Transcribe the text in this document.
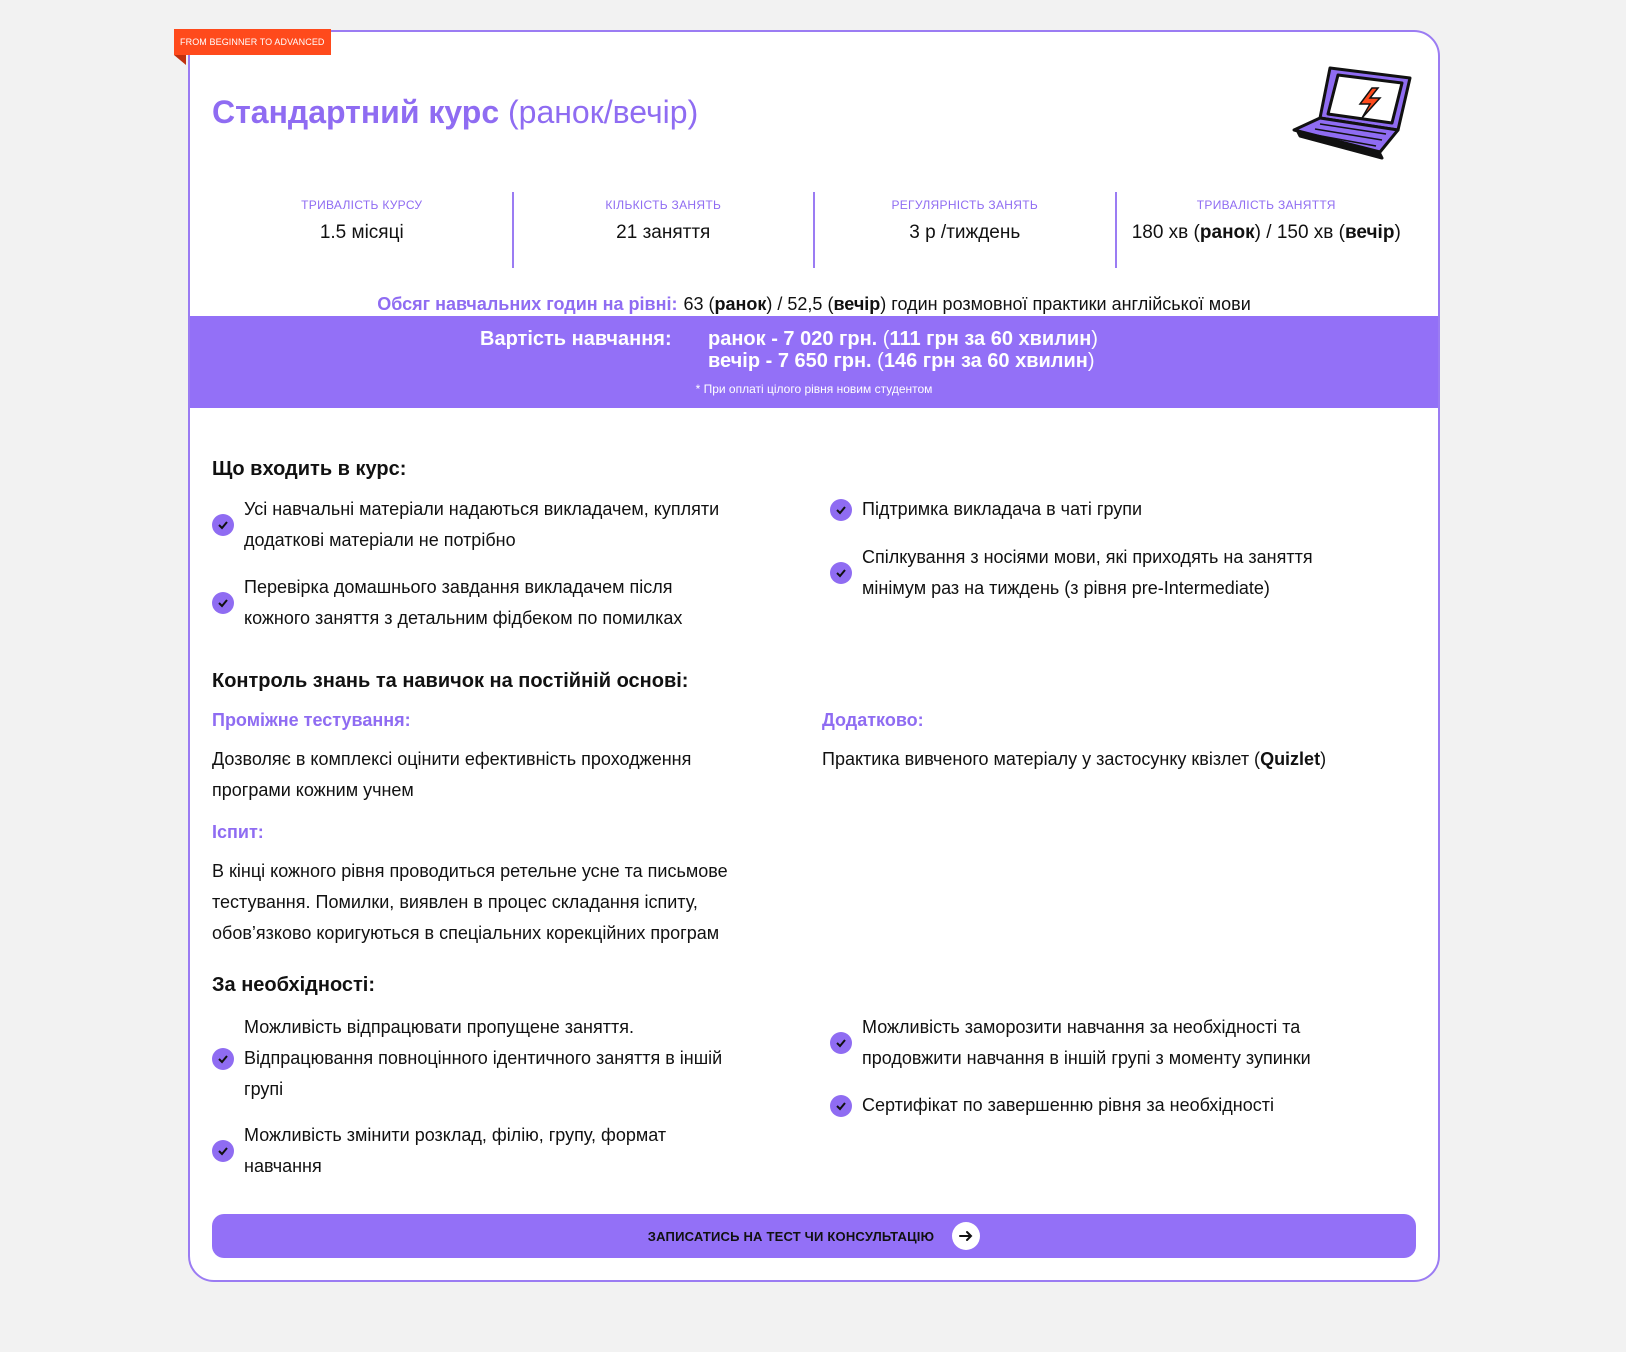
FROM BEGINNER TO ADVANCED
Стандартний курс (ранок/вечір)
ТРИВАЛІСТЬ КУРСУ
1.5 місяці
КІЛЬКІСТЬ ЗАНЯТЬ
21 заняття
РЕГУЛЯРНІСТЬ ЗАНЯТЬ
3 р /тиждень
ТРИВАЛІСТЬ ЗАНЯТТЯ
180 хв (ранок) / 150 хв (вечір)
Обсяг навчальних годин на рівні: 63 (ранок) / 52,5 (вечір) годин розмовної практики англійської мови
Вартість навчання:	ранок - 7 020 грн. (111 грн за 60 хвилин)
вечір - 7 650 грн. (146 грн за 60 хвилин)
* При оплаті цілого рівня новим студентом
Що входить в курс:
Усі навчальні матеріали надаються викладачем, купляти
додаткові матеріали не потрібно
Перевірка домашнього завдання викладачем після
кожного заняття з детальним фідбеком по помилках
Підтримка викладача в чаті групи
Спілкування з носіями мови, які приходять на заняття
мінімум раз на тиждень (з рівня pre-Intermediate)
Контроль знань та навичок на постійній основі:
Проміжне тестування:
Дозволяє в комплексі оцінити ефективність проходження
програми кожним учнем
Іспит:
В кінці кожного рівня проводиться ретельне усне та письмове
тестування. Помилки, виявлен в процес складання іспиту,
обов’язково коригуються в спеціальних корекційних програм
Додатково:
Практика вивченого матеріалу у застосунку квізлет (Quizlet)
За необхідності:
Можливість відпрацювати пропущене заняття.
Відпрацювання повноцінного ідентичного заняття в іншій
групі
Можливість змінити розклад, філію, групу, формат
навчання
Можливість заморозити навчання за необхідності та
продовжити навчання в іншій групі з моменту зупинки
Сертифікат по завершенню рівня за необхідності
ЗАПИСАТИСЬ НА ТЕСТ ЧИ КОНСУЛЬТАЦІЮ
